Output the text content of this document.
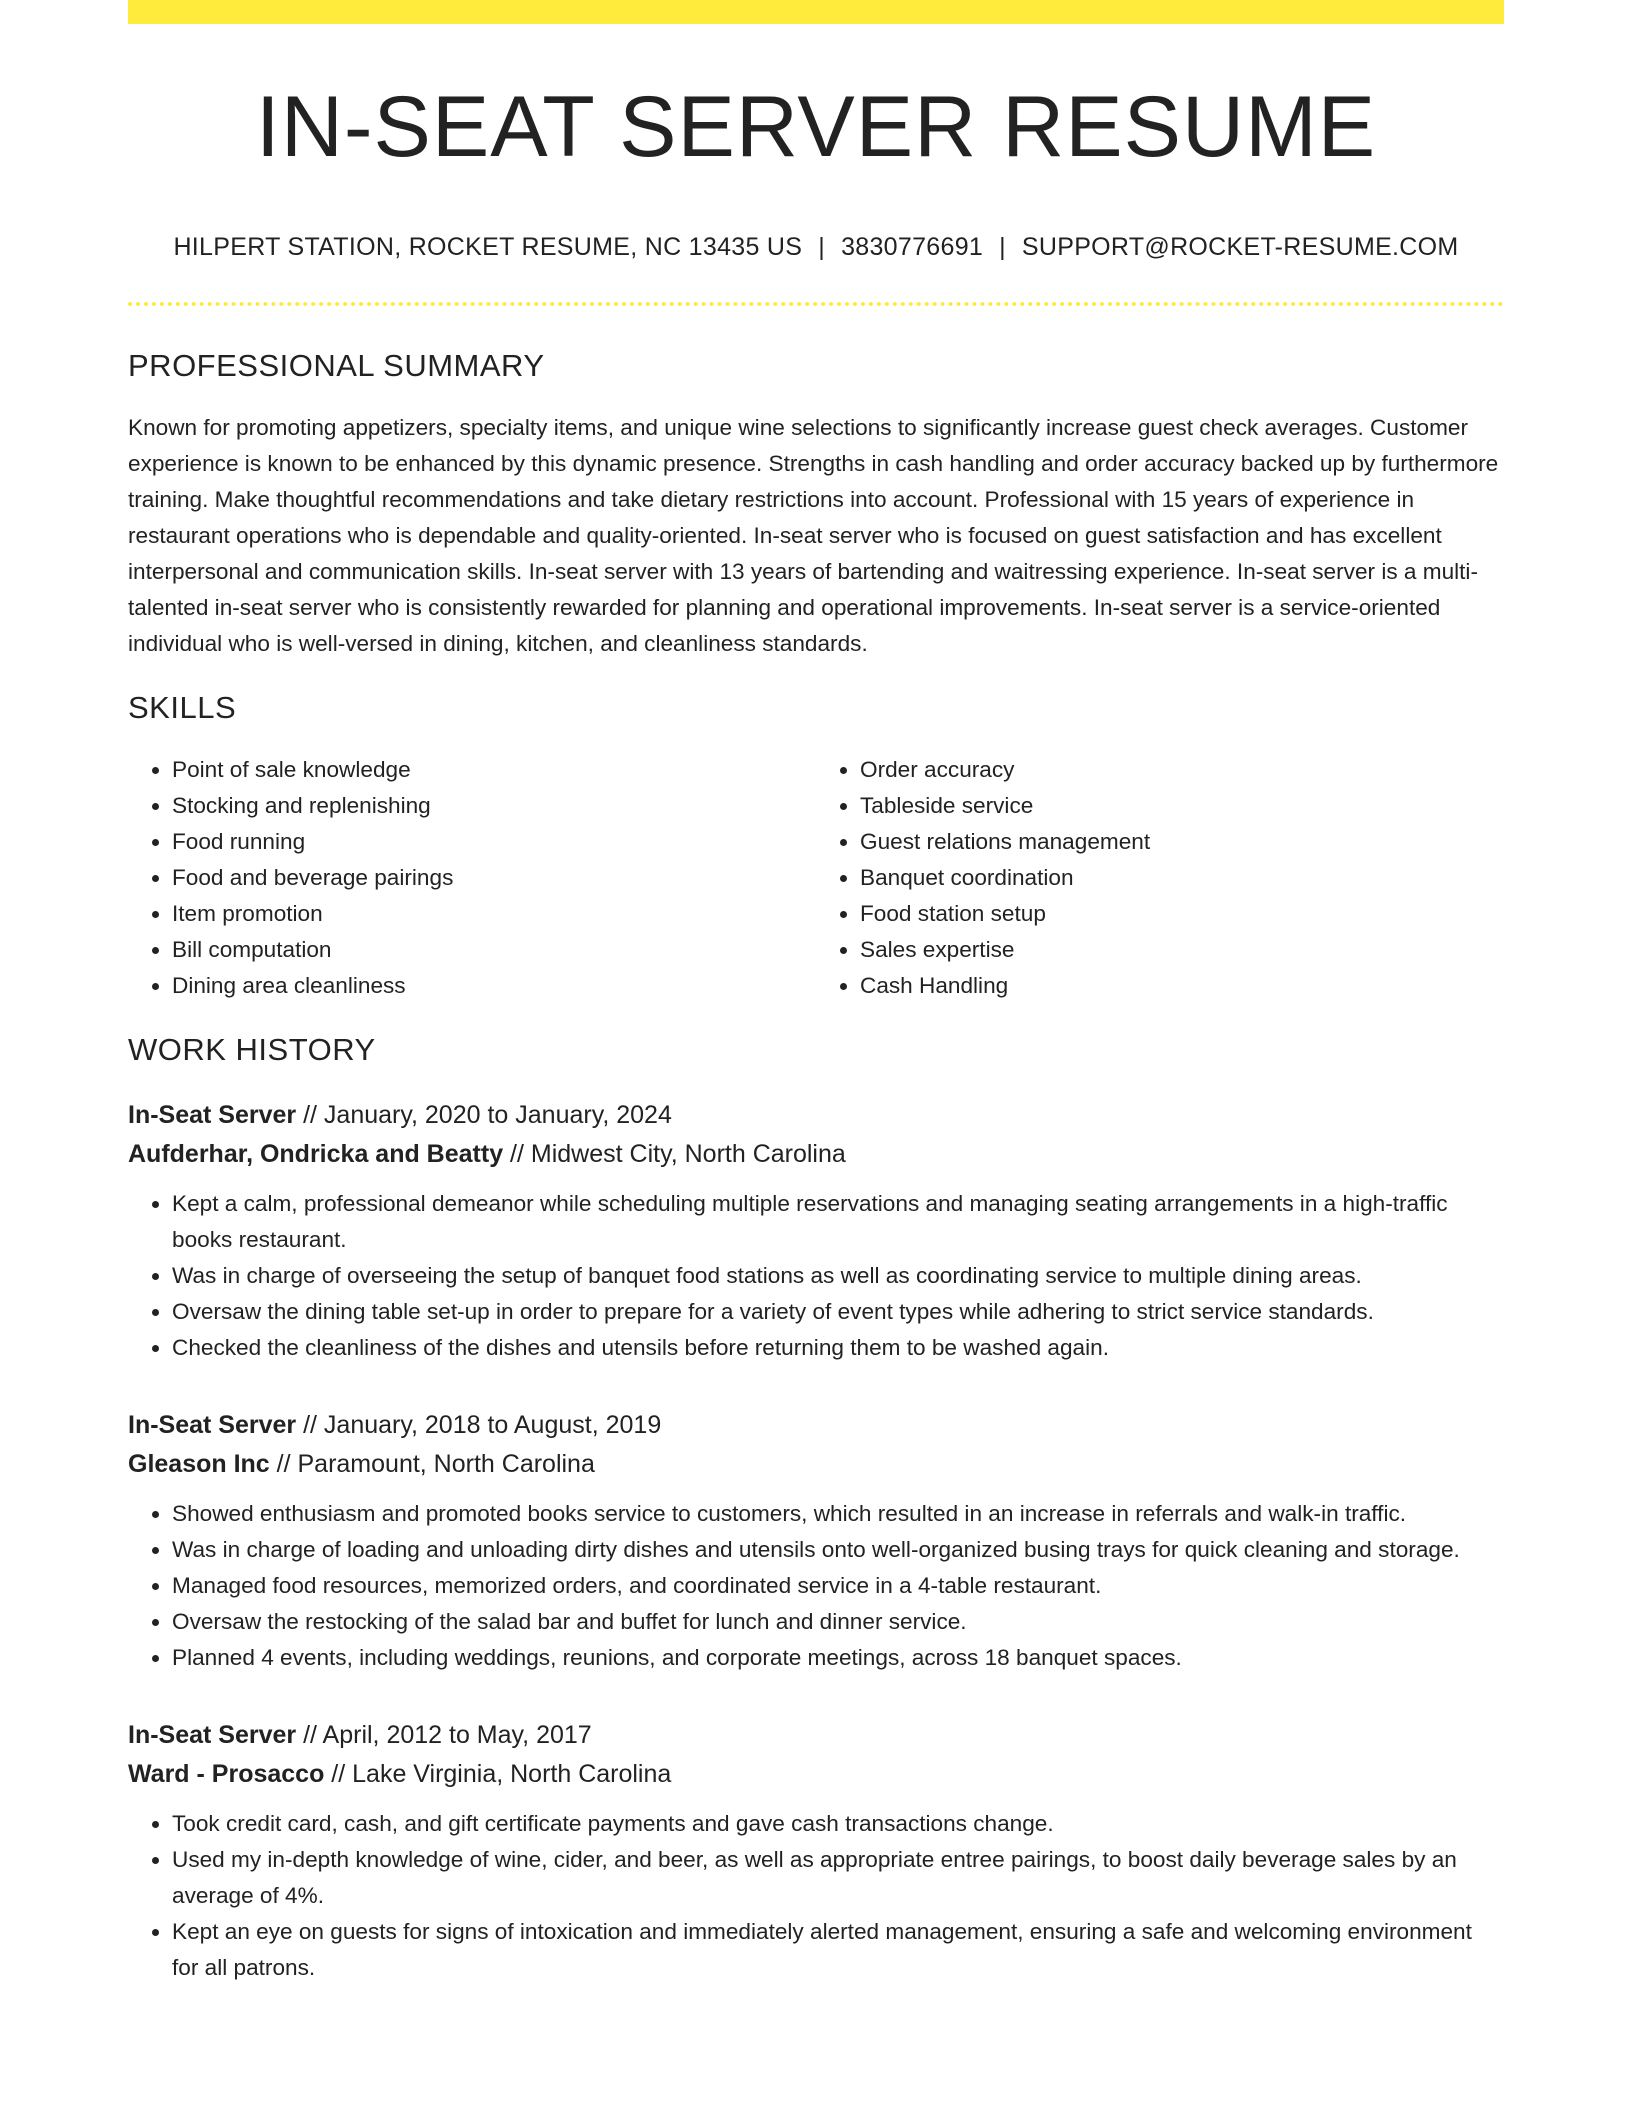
IN-SEAT SERVER RESUME
HILPERT STATION, ROCKET RESUME, NC 13435 US | 3830776691 | SUPPORT@ROCKET-RESUME.COM
PROFESSIONAL SUMMARY

Known for promoting appetizers, specialty items, and unique wine selections to significantly increase guest check averages. Customer experience is known to be enhanced by this dynamic presence. Strengths in cash handling and order accuracy backed up by furthermore training. Make thoughtful recommendations and take dietary restrictions into account. Professional with 15 years of experience in restaurant operations who is dependable and quality-oriented. In-seat server who is focused on guest satisfaction and has excellent interpersonal and communication skills. In-seat server with 13 years of bartending and waitressing experience. In-seat server is a multi-talented in-seat server who is consistently rewarded for planning and operational improvements. In-seat server is a service-oriented individual who is well-versed in dining, kitchen, and cleanliness standards.

SKILLS
• Point of sale knowledge
• Stocking and replenishing
• Food running
• Food and beverage pairings
• Item promotion
• Bill computation
• Dining area cleanliness
• Order accuracy
• Tableside service
• Guest relations management
• Banquet coordination
• Food station setup
• Sales expertise
• Cash Handling
WORK HISTORY
In-Seat Server // January, 2020 to January, 2024
Aufderhar, Ondricka and Beatty // Midwest City, North Carolina
• Kept a calm, professional demeanor while scheduling multiple reservations and managing seating arrangements in a high-traffic books restaurant.
• Was in charge of overseeing the setup of banquet food stations as well as coordinating service to multiple dining areas.
• Oversaw the dining table set-up in order to prepare for a variety of event types while adhering to strict service standards.
• Checked the cleanliness of the dishes and utensils before returning them to be washed again.
In-Seat Server // January, 2018 to August, 2019
Gleason Inc // Paramount, North Carolina
• Showed enthusiasm and promoted books service to customers, which resulted in an increase in referrals and walk-in traffic.
• Was in charge of loading and unloading dirty dishes and utensils onto well-organized busing trays for quick cleaning and storage.
• Managed food resources, memorized orders, and coordinated service in a 4-table restaurant.
• Oversaw the restocking of the salad bar and buffet for lunch and dinner service.
• Planned 4 events, including weddings, reunions, and corporate meetings, across 18 banquet spaces.
In-Seat Server // April, 2012 to May, 2017
Ward - Prosacco // Lake Virginia, North Carolina
• Took credit card, cash, and gift certificate payments and gave cash transactions change.
• Used my in-depth knowledge of wine, cider, and beer, as well as appropriate entree pairings, to boost daily beverage sales by an average of 4%.
• Kept an eye on guests for signs of intoxication and immediately alerted management, ensuring a safe and welcoming environment for all patrons.
